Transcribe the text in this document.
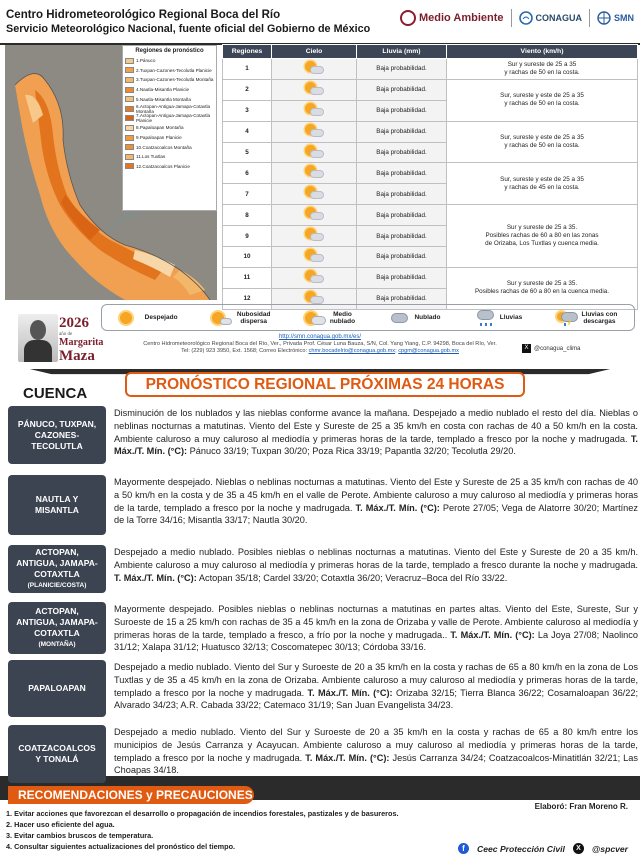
Centro Hidrometeorológico Regional Boca del Río
Servicio Meteorológico Nacional, fuente oficial del Gobierno de México
Medio Ambiente	CONAGUA	SMN
Regiones de pronóstico
1.Pánuco
2.Tuxpan-Cazones-Tecolutla Planicie
3.Tuxpan-Cazones-Tecolutla Montaña
4.Nautla-Misantla Planicie
5.Nautla-Misantla Montaña
6.Actopan-Antigua-Jamapa-Cotaxtla Montaña
7.Actopan-Antigua-Jamapa-Cotaxtla Planicie
8.Papaloapan Montaña
9.Papaloapan Planicie
10.Coatzacoalcos Montaña
11.Los Tuxtlas
12.Coatzacoalcos Planicie
Regiones	Cielo	Lluvia (mm)	Viento (km/h)
1		Baja probabilidad.	Sur y sureste de 25 a 35
y rachas de 50 en la costa.
2		Baja probabilidad.	Sur, sureste y este de 25 a 35
y rachas de 50 en la costa.
3		Baja probabilidad.	
4		Baja probabilidad.	Sur, sureste y este de 25 a 35
y rachas de 50 en la costa.
5		Baja probabilidad.	
6		Baja probabilidad.	Sur, sureste y este de 25 a 35
y rachas de 45 en la costa.
7		Baja probabilidad.	
8		Baja probabilidad.	Sur y sureste de 25 a 35.
Posibles rachas de 60 a 80 en las zonas
de Orizaba, Los Tuxtlas y cuenca media.
9		Baja probabilidad.	
10		Baja probabilidad.	
11		Baja probabilidad.	Sur y sureste de 25 a 35.
Posibles rachas de 60 a 80 en la cuenca media.
12		Baja probabilidad.	
Despejado	Nubosidad
dispersa
Medio
nublado	Nublado	Lluvias	Lluvias con
descargas
2026
año de
Margarita
Maza
http://smn.conagua.gob.mx/es/
Centro Hidrometeorológico Regional Boca del Río, Ver., Privada Prof. César Luna Bauza, S/N, Col. Yang Yiang, C.P. 94298, Boca del Río, Ver.
Tel: (229) 923 3950, Ext. 1568; Correo Electrónico: chmr.bocadelrio@conagua.gob.mx; cpgm@conagua.gob.mx
X @conagua_clima
PRONÓSTICO REGIONAL PRÓXIMAS 24 HORAS
CUENCA
PÁNUCO, TUXPAN,
CAZONES-
TECOLUTLA
Disminución de los nublados y las nieblas conforme avance la mañana. Despejado a medio nublado el resto del día. Nieblas o neblinas nocturnas a matutinas. Viento del Este y Sureste de 25 a 35 km/h en costa con rachas de 40 a 50 km/h en la costa. Ambiente caluroso a muy caluroso al mediodía y primeras horas de la tarde, templado a fresco por la noche y madrugada. T. Máx./T. Mín. (°C): Pánuco 33/19; Tuxpan 30/20; Poza Rica 33/19; Papantla 32/20; Tecolutla 29/20.
NAUTLA Y
MISANTLA
Mayormente despejado. Nieblas o neblinas nocturnas a matutinas. Viento del Este y Sureste de 25 a 35 km/h con rachas de 40 a 50 km/h en la costa y de 35 a 45 km/h en el valle de Perote. Ambiente caluroso a muy caluroso al mediodía y primeras horas de la tarde, templado a fresco por la noche y madrugada. T. Máx./T. Mín. (°C): Perote 27/05; Vega de Alatorre 30/20; Martínez de la Torre 34/16; Misantla 33/17; Nautla 30/20.
ACTOPAN,
ANTIGUA, JAMAPA-
COTAXTLA
(PLANICIE/COSTA)
Despejado a medio nublado. Posibles nieblas o neblinas nocturnas a matutinas. Viento del Este y Sureste de 20 a 35 km/h. Ambiente caluroso a muy caluroso al mediodía y primeras horas de la tarde, templado a fresco durante la noche y madrugada. T. Máx./T. Mín. (°C): Actopan 35/18; Cardel 33/20; Cotaxtla 36/20; Veracruz–Boca del Río 33/22.
ACTOPAN,
ANTIGUA, JAMAPA-
COTAXTLA
(MONTAÑA)
Mayormente despejado. Posibles nieblas o neblinas nocturnas a matutinas en partes altas. Viento del Este, Sureste, Sur y Suroeste de 15 a 25 km/h con rachas de 35 a 45 km/h en la zona de Orizaba y valle de Perote. Ambiente caluroso al mediodía y primeras horas de la tarde, templado a fresco, a frío por la noche y madrugada.. T. Máx./T. Mín. (°C): La Joya 27/08; Naolinco 31/12; Xalapa 31/12; Huatusco 32/13; Coscomatepec 30/13; Córdoba 33/16.
PAPALOAPAN
Despejado a medio nublado. Viento del Sur y Suroeste de 20 a 35 km/h en la costa y rachas de 65 a 80 km/h en la zona de Los Tuxtlas y de 35 a 45 km/h en la zona de Orizaba. Ambiente caluroso a muy caluroso al mediodía y primeras horas de la tarde, templado a fresco por la noche y madrugada. T. Máx./T. Mín. (°C): Orizaba 32/15; Tierra Blanca 36/22; Cosamaloapan 36/22; Alvarado 34/23; A.R. Cabada 33/22; Catemaco 31/19; San Juan Evangelista 34/23.
COATZACOALCOS
Y TONALÁ
Despejado a medio nublado. Viento del Sur y Suroeste de 20 a 35 km/h en la costa y rachas de 65 a 80 km/h entre los municipios de Jesús Carranza y Acayucan. Ambiente caluroso a muy caluroso al mediodía y primeras horas de la tarde, templado a fresco por la noche y madrugada. T. Máx./T. Mín. (°C): Jesús Carranza 34/24; Coatzacoalcos-Minatitlán 32/21; Las Choapas 34/18.
RECOMENDACIONES y PRECAUCIONES
1. Evitar acciones que favorezcan el desarrollo o propagación de incendios forestales, pastizales y de basureros.
2. Hacer uso eficiente del agua.
3. Evitar cambios bruscos de temperatura.
4. Consultar siguientes actualizaciones del pronóstico del tiempo.
Elaboró: Fran Moreno R.
f	Ceec Protección Civil	X	@spcver
